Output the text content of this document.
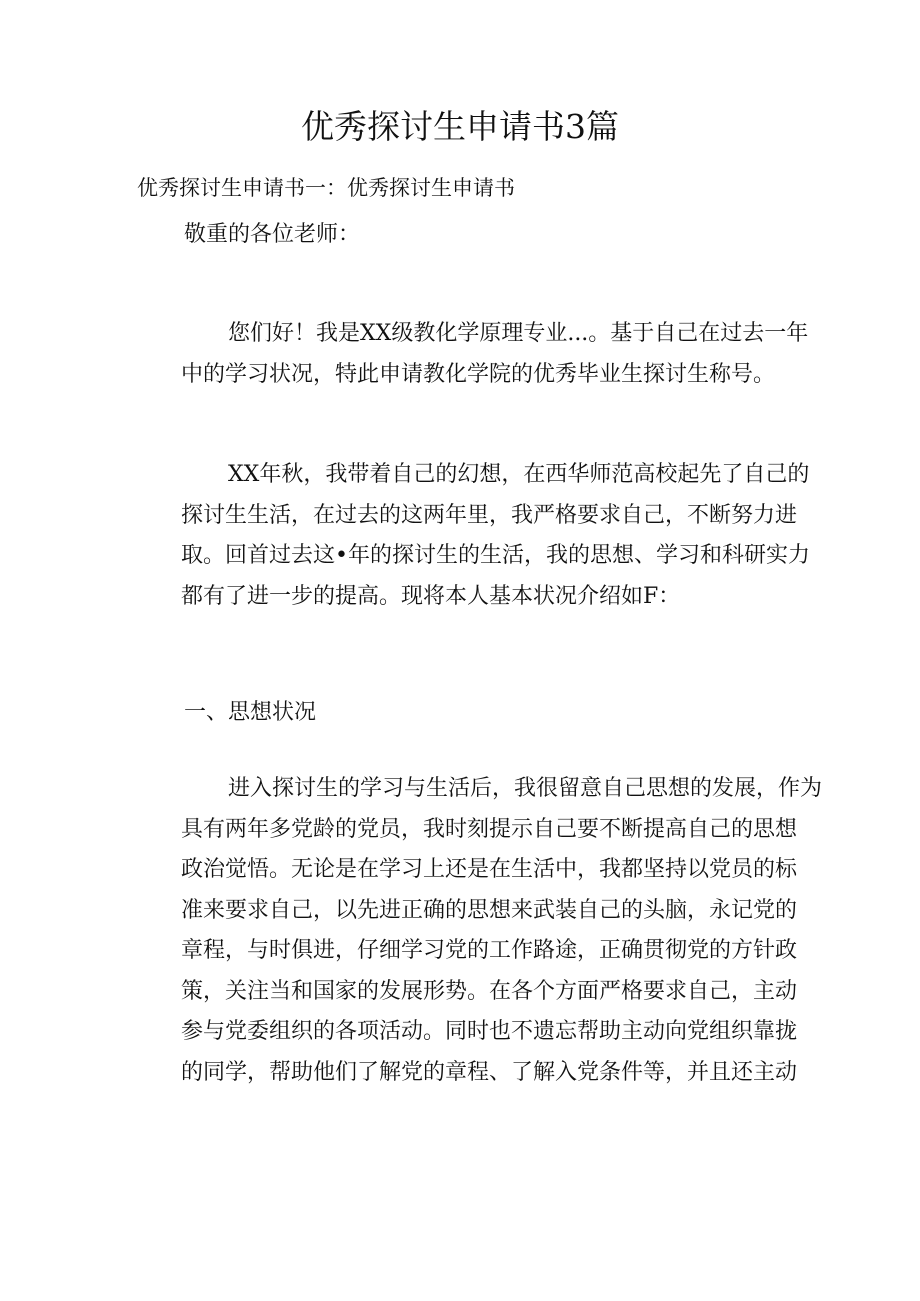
优秀探讨生申请书3篇

优秀探讨生申请书一：优秀探讨生申请书

敬重的各位老师：

您们好！我是XX级教化学原理专业...。基于自己在过去一年
中的学习状况，特此申请教化学院的优秀毕业生探讨生称号。
XX年秋，我带着自己的幻想，在西华师范高校起先了自己的
探讨生生活，在过去的这两年里，我严格要求自己，不断努力进
取。回首过去这•年的探讨生的生活，我的思想、学习和科研实力
都有了进一步的提高。现将本人基本状况介绍如F：

一、思想状况

进入探讨生的学习与生活后，我很留意自己思想的发展，作为
具有两年多党龄的党员，我时刻提示自己要不断提高自己的思想
政治觉悟。无论是在学习上还是在生活中，我都坚持以党员的标
准来要求自己，以先进正确的思想来武装自己的头脑，永记党的
章程，与时俱进，仔细学习党的工作路途，正确贯彻党的方针政
策，关注当和国家的发展形势。在各个方面严格要求自己，主动
参与党委组织的各项活动。同时也不遗忘帮助主动向党组织靠拢
的同学，帮助他们了解党的章程、了解入党条件等，并且还主动
